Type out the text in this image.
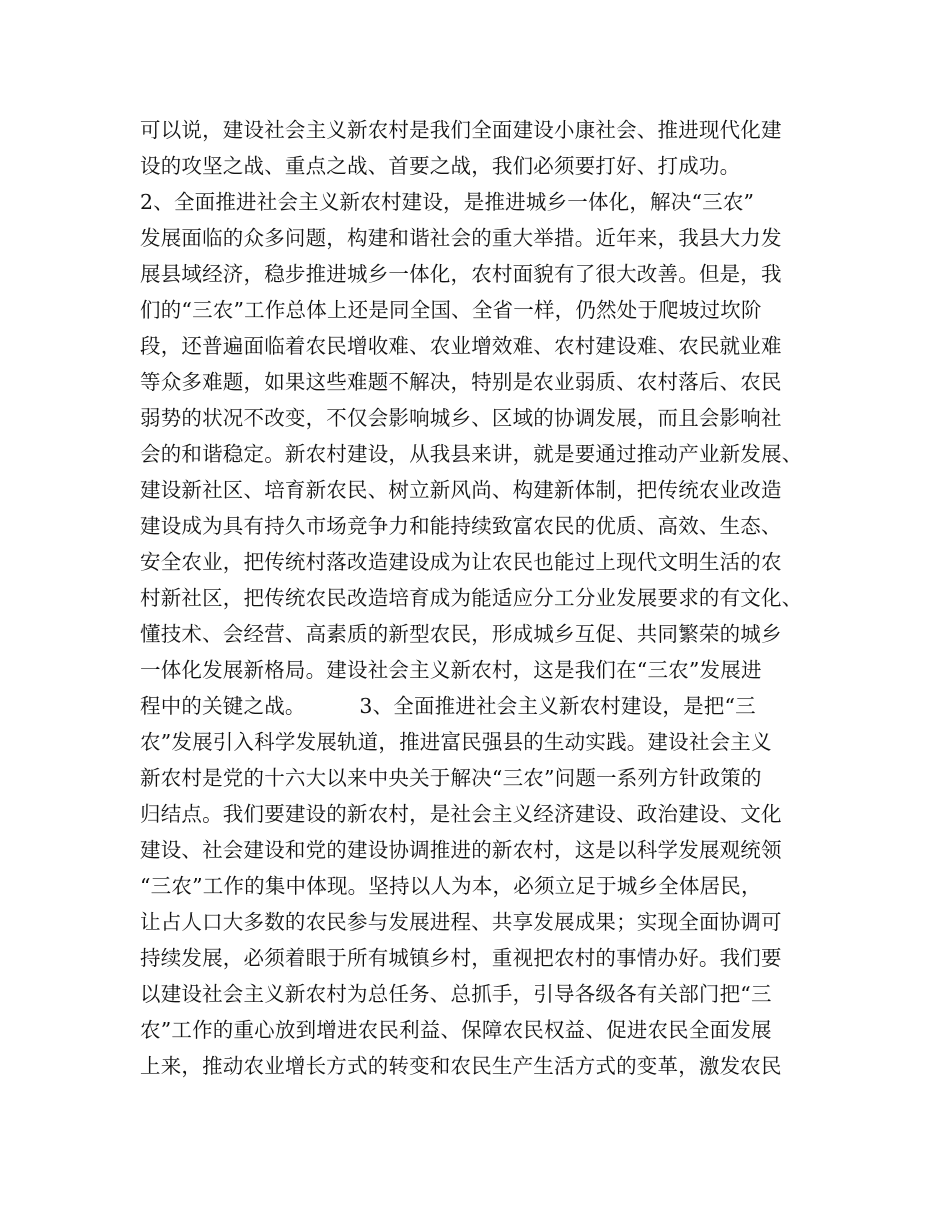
可以说，建设社会主义新农村是我们全面建设小康社会、推进现代化建
设的攻坚之战、重点之战、首要之战，我们必须要打好、打成功。
2、全面推进社会主义新农村建设，是推进城乡一体化，解决“三农”
发展面临的众多问题，构建和谐社会的重大举措。近年来，我县大力发
展县域经济，稳步推进城乡一体化，农村面貌有了很大改善。但是，我
们的“三农”工作总体上还是同全国、全省一样，仍然处于爬坡过坎阶
段，还普遍面临着农民增收难、农业增效难、农村建设难、农民就业难
等众多难题，如果这些难题不解决，特别是农业弱质、农村落后、农民
弱势的状况不改变，不仅会影响城乡、区域的协调发展，而且会影响社
会的和谐稳定。新农村建设，从我县来讲，就是要通过推动产业新发展、
建设新社区、培育新农民、树立新风尚、构建新体制，把传统农业改造
建设成为具有持久市场竞争力和能持续致富农民的优质、高效、生态、
安全农业，把传统村落改造建设成为让农民也能过上现代文明生活的农
村新社区，把传统农民改造培育成为能适应分工分业发展要求的有文化、
懂技术、会经营、高素质的新型农民，形成城乡互促、共同繁荣的城乡
一体化发展新格局。建设社会主义新农村，这是我们在“三农”发展进
程中的关键之战。        3、全面推进社会主义新农村建设，是把“三
农”发展引入科学发展轨道，推进富民强县的生动实践。建设社会主义
新农村是党的十六大以来中央关于解决“三农”问题一系列方针政策的
归结点。我们要建设的新农村，是社会主义经济建设、政治建设、文化
建设、社会建设和党的建设协调推进的新农村，这是以科学发展观统领
“三农”工作的集中体现。坚持以人为本，必须立足于城乡全体居民，
让占人口大多数的农民参与发展进程、共享发展成果；实现全面协调可
持续发展，必须着眼于所有城镇乡村，重视把农村的事情办好。我们要
以建设社会主义新农村为总任务、总抓手，引导各级各有关部门把“三
农”工作的重心放到增进农民利益、保障农民权益、促进农民全面发展
上来，推动农业增长方式的转变和农民生产生活方式的变革，激发农民
